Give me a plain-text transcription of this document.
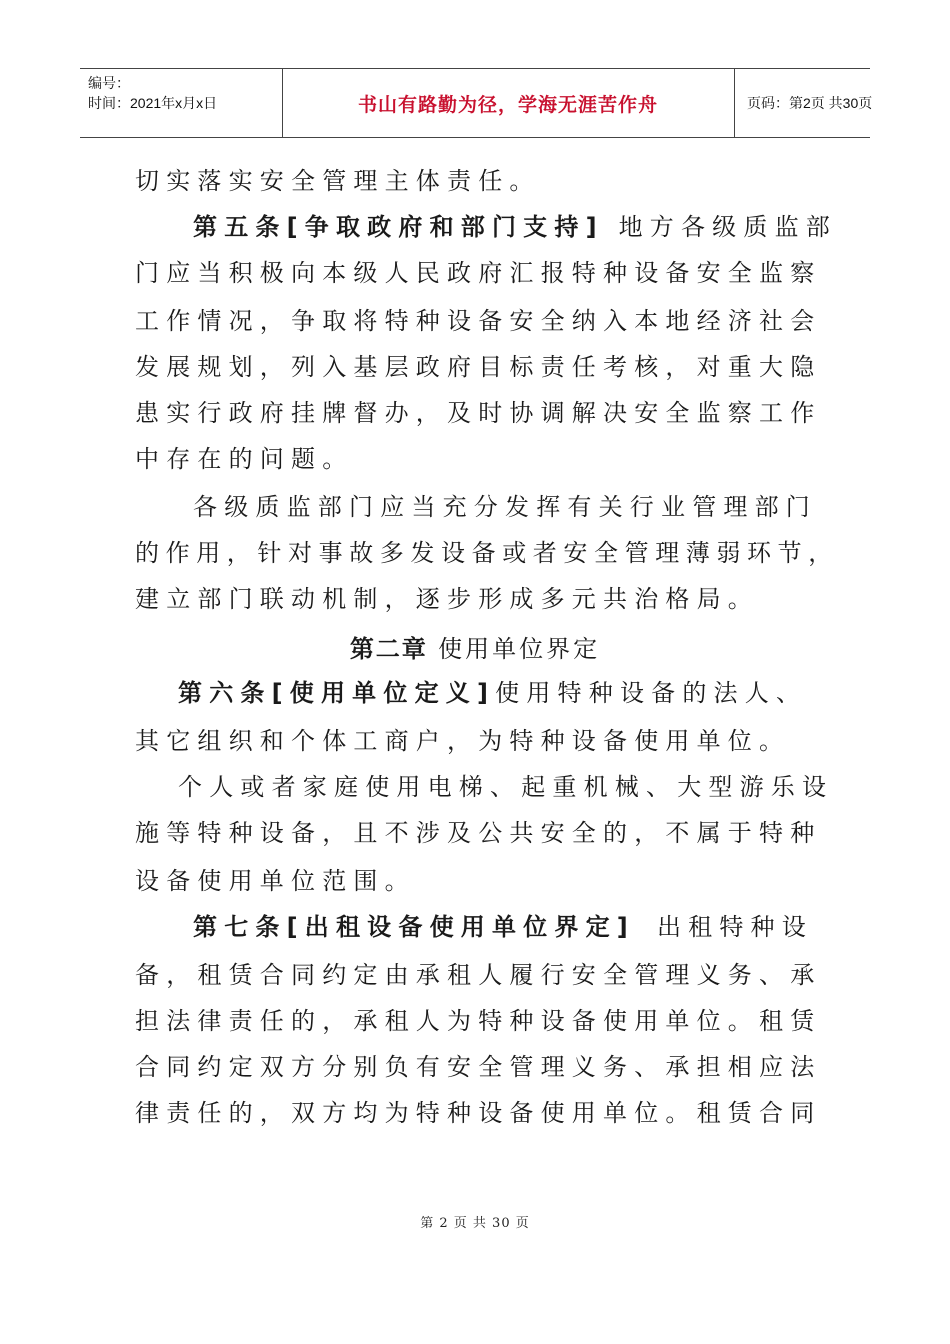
编号：
时间：2021年x月x日	书山有路勤为径，学海无涯苦作舟	页码：第2页 共30页
切实落实安全管理主体责任。
第五条[争取政府和部门支持] 地方各级质监部
门应当积极向本级人民政府汇报特种设备安全监察
工作情况，争取将特种设备安全纳入本地经济社会
发展规划，列入基层政府目标责任考核，对重大隐
患实行政府挂牌督办，及时协调解决安全监察工作
中存在的问题。
各级质监部门应当充分发挥有关行业管理部门
的作用，针对事故多发设备或者安全管理薄弱环节，
建立部门联动机制，逐步形成多元共治格局。
第二章 使用单位界定
第六条[使用单位定义]使用特种设备的法人、
其它组织和个体工商户，为特种设备使用单位。
个人或者家庭使用电梯、起重机械、大型游乐设
施等特种设备，且不涉及公共安全的，不属于特种
设备使用单位范围。
第七条[出租设备使用单位界定] 出租特种设
备，租赁合同约定由承租人履行安全管理义务、承
担法律责任的，承租人为特种设备使用单位。租赁
合同约定双方分别负有安全管理义务、承担相应法
律责任的，双方均为特种设备使用单位。租赁合同
第 2 页 共 30 页
